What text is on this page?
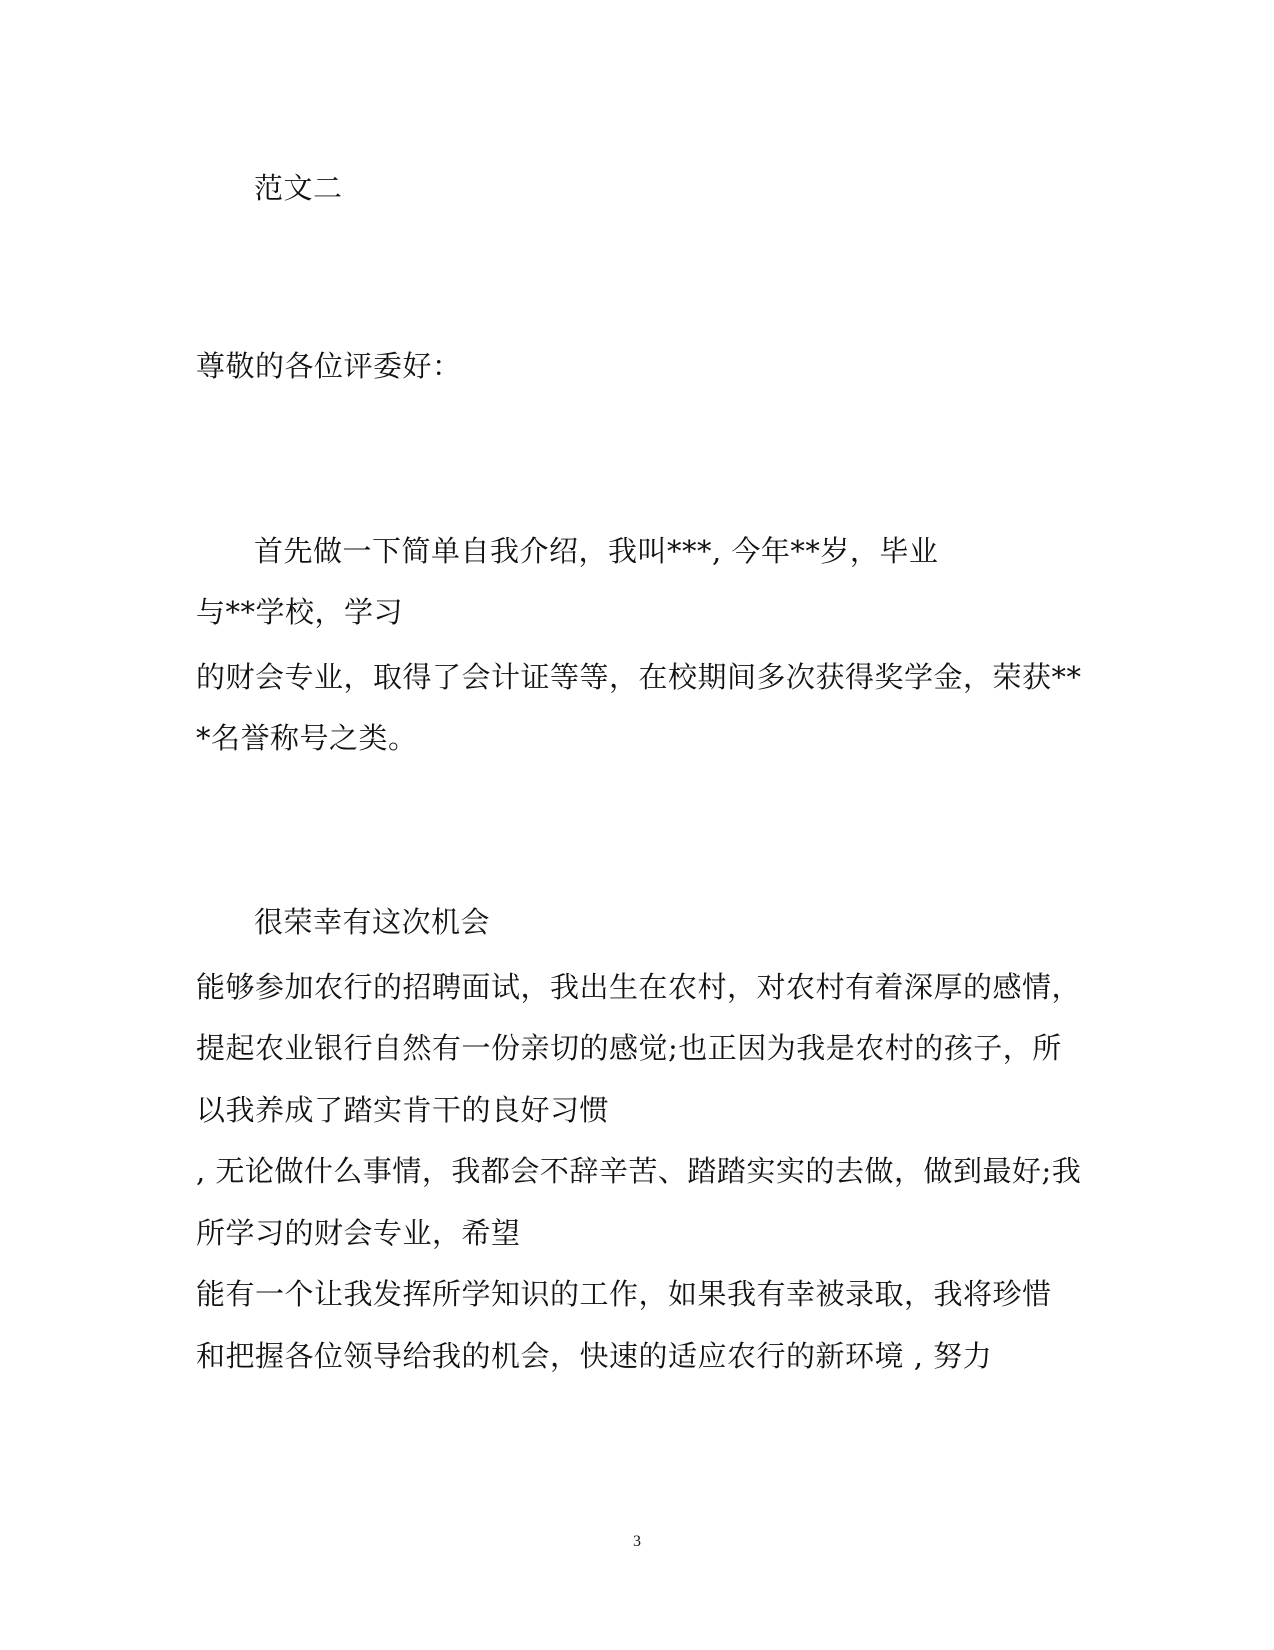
范文二
尊敬的各位评委好：
首先做一下简单自我介绍，我叫***, 今年**岁，毕业
与**学校，学习
的财会专业，取得了会计证等等，在校期间多次获得奖学金，荣获**
*名誉称号之类。
很荣幸有这次机会
能够参加农行的招聘面试，我出生在农村，对农村有着深厚的感情，
提起农业银行自然有一份亲切的感觉;也正因为我是农村的孩子，所
以我养成了踏实肯干的良好习惯
, 无论做什么事情，我都会不辞辛苦、踏踏实实的去做，做到最好;我
所学习的财会专业，希望
能有一个让我发挥所学知识的工作，如果我有幸被录取，我将珍惜
和把握各位领导给我的机会，快速的适应农行的新环境 , 努力
3
